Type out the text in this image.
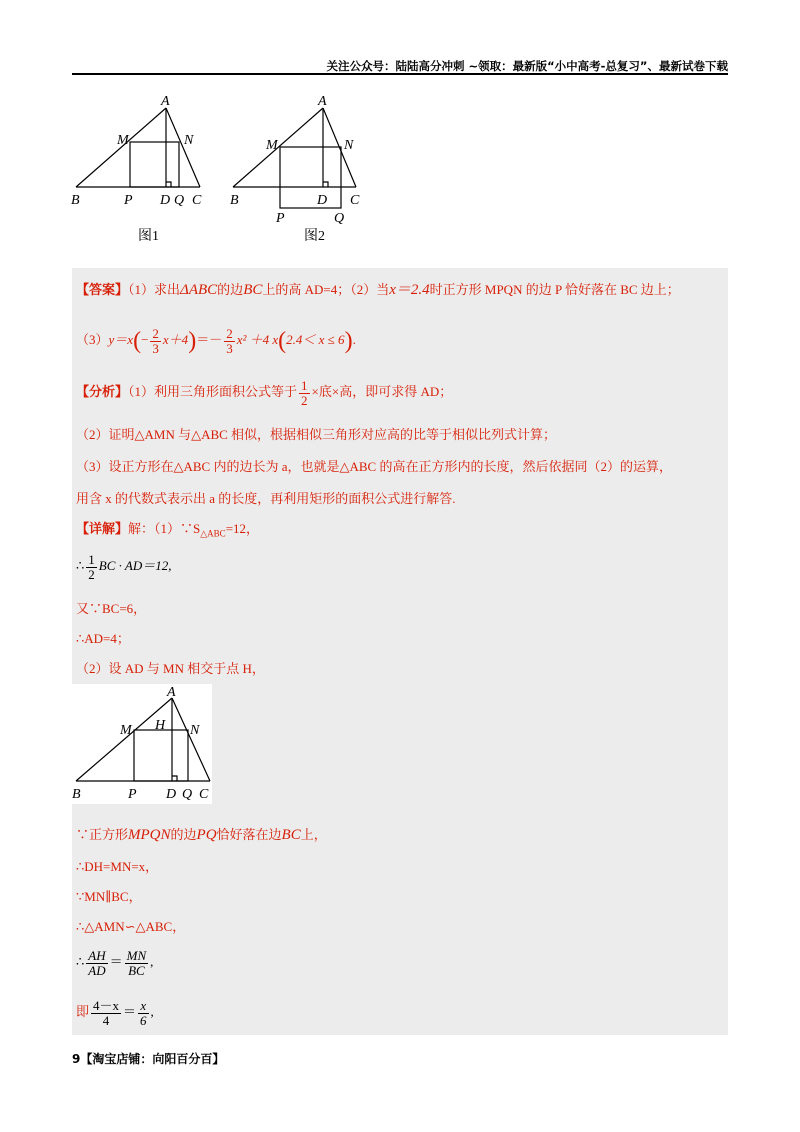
关注公众号：陆陆高分冲刺 ~领取：最新版“小中高考-总复习”、最新试卷下载
A
M	N
B	P D Q C
图1
A
M	N
B	D C
P	Q
图2
【答案】（1）求出ΔABC的边BC上的高 AD=4；（2）当x＝2.4时正方形 MPQN 的边 P 恰好落在 BC 边上；
$(3)y=x(- \frac{2}{3} x+4)=- \frac{2}{3} x^2 +4$ x(2.4＜ x ≤ 6).
【分析】（1）利用三角形面积公式等于 $\frac{1}{2}$ ×底×高，即可求得 AD；
（2）证明△AMN 与△ABC 相似，根据相似三角形对应高的比等于相似比列式计算；
（3）设正方形在△ABC 内的边长为 a，也就是△ABC 的高在正方形内的长度，然后依据同（2）的运算，
用含 x 的代数式表示出 a 的长度，再利用矩形的面积公式进行解答.
【详解】解：$(1)\because S_{\triangle ABC}=12$，
∴ $\frac{1}{2}$ BC · AD＝12,
又∵BC=6，
∴AD=4；
（2）设 AD 与 MN 相交于点 H，
A
M H N
B	P D Q C
∵正方形MPQN的边PQ恰好落在边BC上，
∴DH=MN=x，
∵MN∥BC，
∴△AMN∽△ABC，
∴ $\frac{AH}{AD} = \frac{MN}{BC}$ ,
即 $\frac{4-x}{4} = \frac{x}{6}$ ,
9【淘宝店铺：向阳百分百】
